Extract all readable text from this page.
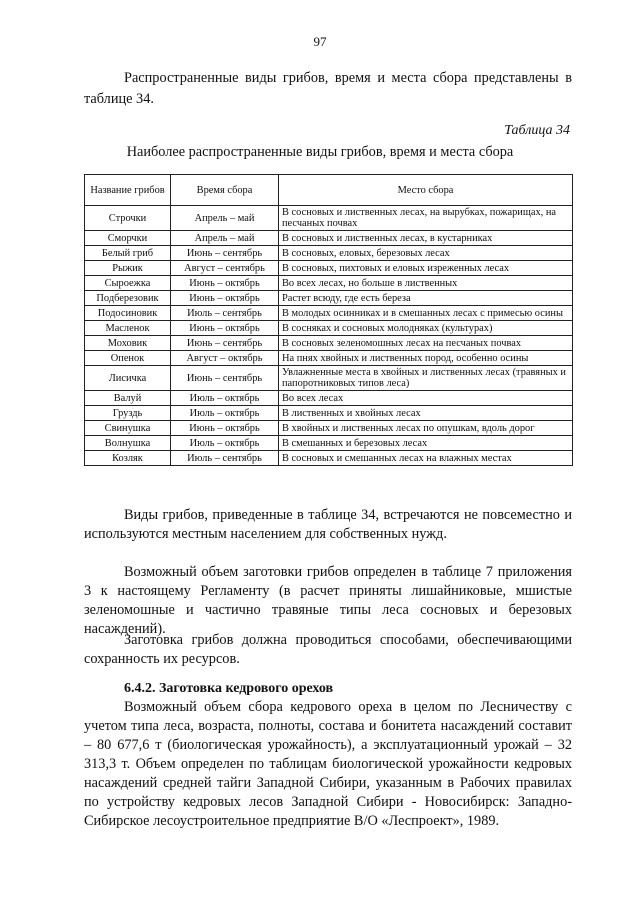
97

Распространенные виды грибов, время и места сбора представлены в таблице 34.

Таблица 34
Наиболее распространенные виды грибов, время и места сбора
Название грибов	Время сбора	Место сбора
Строчки	Апрель – май	В сосновых и лиственных лесах, на вырубках, пожарищах, на песчаных почвах
Сморчки	Апрель – май	В сосновых и лиственных лесах, в кустарниках
Белый гриб	Июнь – сентябрь	В сосновых, еловых, березовых лесах
Рыжик	Август – сентябрь	В сосновых, пихтовых и еловых изреженных лесах
Сыроежка	Июнь – октябрь	Во всех лесах, но больше в лиственных
Подберезовик	Июнь – октябрь	Растет всюду, где есть береза
Подосиновик	Июль – сентябрь	В молодых осинниках и в смешанных лесах с примесью осины
Масленок	Июнь – октябрь	В сосняках и сосновых молодняках (культурах)
Моховик	Июнь – сентябрь	В сосновых зеленомошных лесах на песчаных почвах
Опенок	Август – октябрь	На пнях хвойных и лиственных пород, особенно осины
Лисичка	Июнь – сентябрь	Увлажненные места в хвойных и лиственных лесах (травяных и папоротниковых типов леса)
Валуй	Июль – октябрь	Во всех лесах
Груздь	Июль – октябрь	В лиственных и хвойных лесах
Свинушка	Июнь – октябрь	В хвойных и лиственных лесах по опушкам, вдоль дорог
Волнушка	Июль – октябрь	В смешанных и березовых лесах
Козляк	Июль – сентябрь	В сосновых и смешанных лесах на влажных местах

Виды грибов, приведенные в таблице 34, встречаются не повсеместно и используются местным населением для собственных нужд.

Возможный объем заготовки грибов определен в таблице 7 приложения 3 к настоящему Регламенту (в расчет приняты лишайниковые, мшистые зеленомошные и частично травяные типы леса сосновых и березовых насаждений).

Заготовка грибов должна проводиться способами, обеспечивающими сохранность их ресурсов.

6.4.2. Заготовка кедрового орехов

Возможный объем сбора кедрового ореха в целом по Лесничеству с учетом типа леса, возраста, полноты, состава и бонитета насаждений составит – 80 677,6 т (биологическая урожайность), а эксплуатационный урожай – 32 313,3 т. Объем определен по таблицам биологической урожайности кедровых насаждений средней тайги Западной Сибири, указанным в Рабочих правилах по устройству кедровых лесов Западной Сибири - Новосибирск: Западно-Сибирское лесоустроительное предприятие В/О «Леспроект», 1989.
